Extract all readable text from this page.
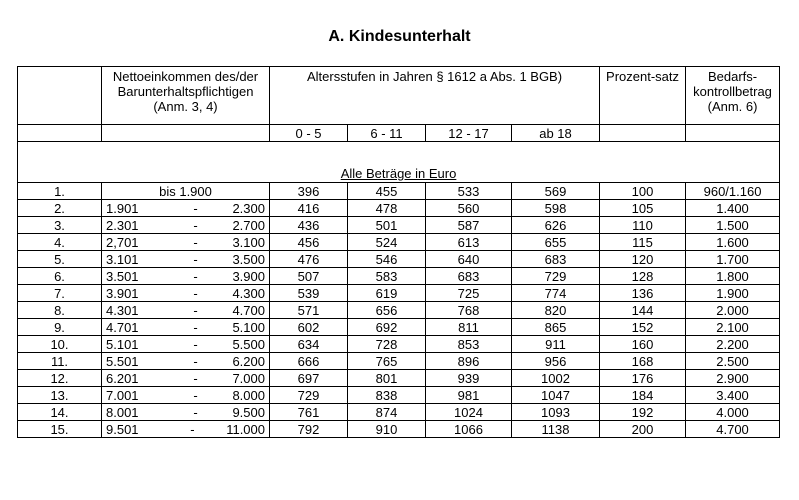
A. Kindesunterhalt
	Nettoeinkommen des/der Barunterhaltspflichtigen (Anm. 3, 4)	Altersstufen in Jahren § 1612 a Abs. 1 BGB)				Prozent-satz	Bedarfs-kontrollbetrag (Anm. 6)
		0 - 5	6 - 11	12 - 17	ab 18		
Alle Beträge in Euro							
1.	bis 1.900	396	455	533	569	100	960/1.160
2.	1.901 - 2.300	416	478	560	598	105	1.400
3.	2.301 - 2.700	436	501	587	626	110	1.500
4.	2,701 - 3.100	456	524	613	655	115	1.600
5.	3.101 - 3.500	476	546	640	683	120	1.700
6.	3.501 - 3.900	507	583	683	729	128	1.800
7.	3.901 - 4.300	539	619	725	774	136	1.900
8.	4.301 - 4.700	571	656	768	820	144	2.000
9.	4.701 - 5.100	602	692	811	865	152	2.100
10.	5.101 - 5.500	634	728	853	911	160	2.200
11.	5.501 - 6.200	666	765	896	956	168	2.500
12.	6.201 - 7.000	697	801	939	1002	176	2.900
13.	7.001 - 8.000	729	838	981	1047	184	3.400
14.	8.001 - 9.500	761	874	1024	1093	192	4.000
15.	9.501 - 11.000	792	910	1066	1138	200	4.700
